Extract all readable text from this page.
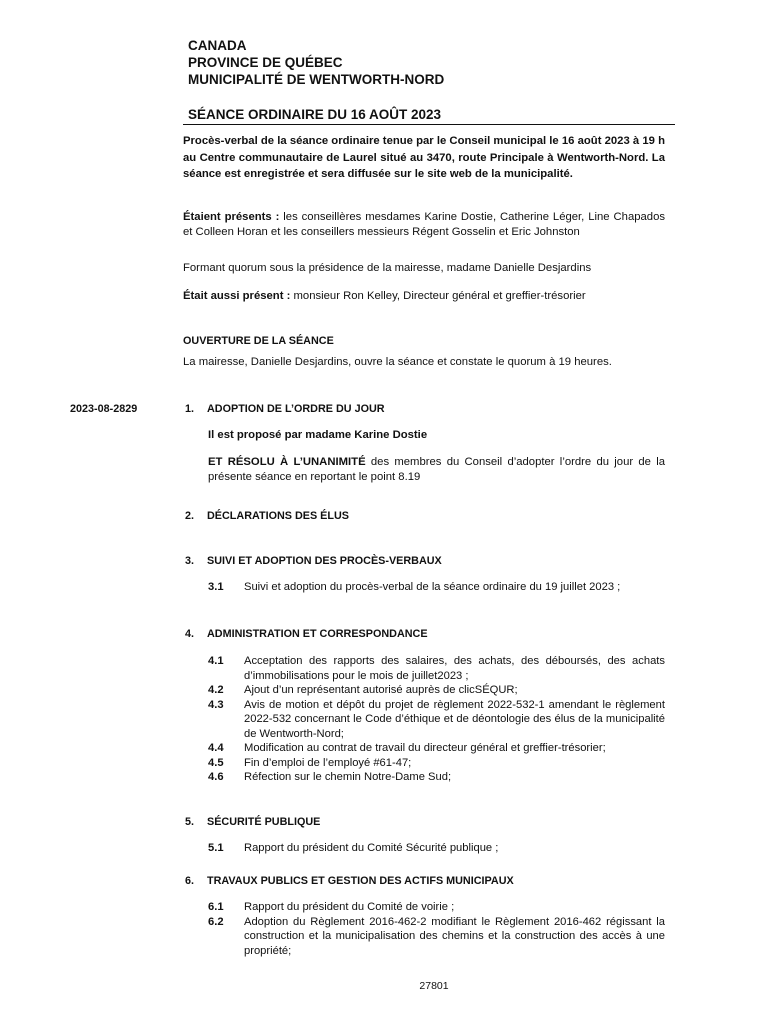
CANADA
PROVINCE DE QUÉBEC
MUNICIPALITÉ DE WENTWORTH-NORD
SÉANCE ORDINAIRE DU 16 AOÛT 2023
Procès-verbal de la séance ordinaire tenue par le Conseil municipal le 16 août 2023 à 19 h au Centre communautaire de Laurel situé au 3470, route Principale à Wentworth-Nord. La séance est enregistrée et sera diffusée sur le site web de la municipalité.
Étaient présents : les conseillères mesdames Karine Dostie, Catherine Léger, Line Chapados et Colleen Horan et les conseillers messieurs Régent Gosselin et Eric Johnston
Formant quorum sous la présidence de la mairesse, madame Danielle Desjardins
Était aussi présent : monsieur Ron Kelley, Directeur général et greffier-trésorier
OUVERTURE DE LA SÉANCE
La mairesse, Danielle Desjardins, ouvre la séance et constate le quorum à 19 heures.
2023-08-2829	1. ADOPTION DE L’ORDRE DU JOUR
Il est proposé par madame Karine Dostie
ET RÉSOLU À L’UNANIMITÉ des membres du Conseil d’adopter l’ordre du jour de la présente séance en reportant le point 8.19
2. DÉCLARATIONS DES ÉLUS
3. SUIVI ET ADOPTION DES PROCÈS-VERBAUX
3.1 Suivi et adoption du procès-verbal de la séance ordinaire du 19 juillet 2023 ;
4. ADMINISTRATION ET CORRESPONDANCE
4.1 Acceptation des rapports des salaires, des achats, des déboursés, des achats d’immobilisations pour le mois de juillet2023 ;
4.2 Ajout d’un représentant autorisé auprès de clicSÉQUR;
4.3 Avis de motion et dépôt du projet de règlement 2022-532-1 amendant le règlement 2022-532 concernant le Code d’éthique et de déontologie des élus de la municipalité de Wentworth-Nord;
4.4 Modification au contrat de travail du directeur général et greffier-trésorier;
4.5 Fin d’emploi de l’employé #61-47;
4.6 Réfection sur le chemin Notre-Dame Sud;
5. SÉCURITÉ PUBLIQUE
5.1 Rapport du président du Comité Sécurité publique ;
6. TRAVAUX PUBLICS ET GESTION DES ACTIFS MUNICIPAUX
6.1 Rapport du président du Comité de voirie ;
6.2 Adoption du Règlement 2016-462-2 modifiant le Règlement 2016-462 régissant la construction et la municipalisation des chemins et la construction des accès à une propriété;
27801
